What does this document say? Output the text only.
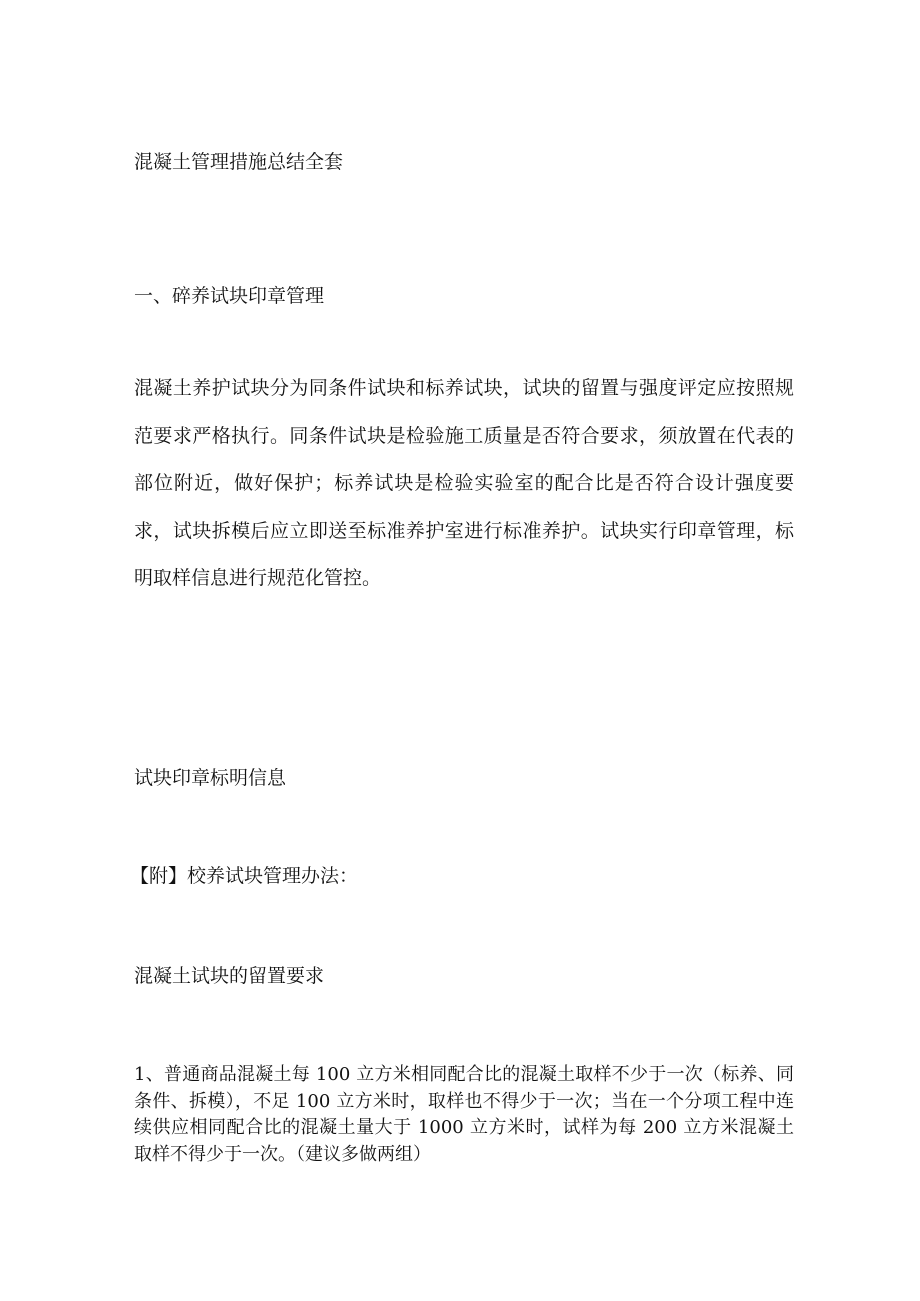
混凝土管理措施总结全套
一、碎养试块印章管理
混凝土养护试块分为同条件试块和标养试块，试块的留置与强度评定应按照规范要求严格执行。同条件试块是检验施工质量是否符合要求，须放置在代表的部位附近，做好保护；标养试块是检验实验室的配合比是否符合设计强度要求，试块拆模后应立即送至标准养护室进行标准养护。试块实行印章管理，标明取样信息进行规范化管控。
试块印章标明信息
【附】校养试块管理办法：
混凝土试块的留置要求
1、普通商品混凝土每 100 立方米相同配合比的混凝土取样不少于一次（标养、同条件、拆模），不足 100 立方米时，取样也不得少于一次；当在一个分项工程中连续供应相同配合比的混凝土量大于 1000 立方米时，试样为每 200 立方米混凝土取样不得少于一次。（建议多做两组）
